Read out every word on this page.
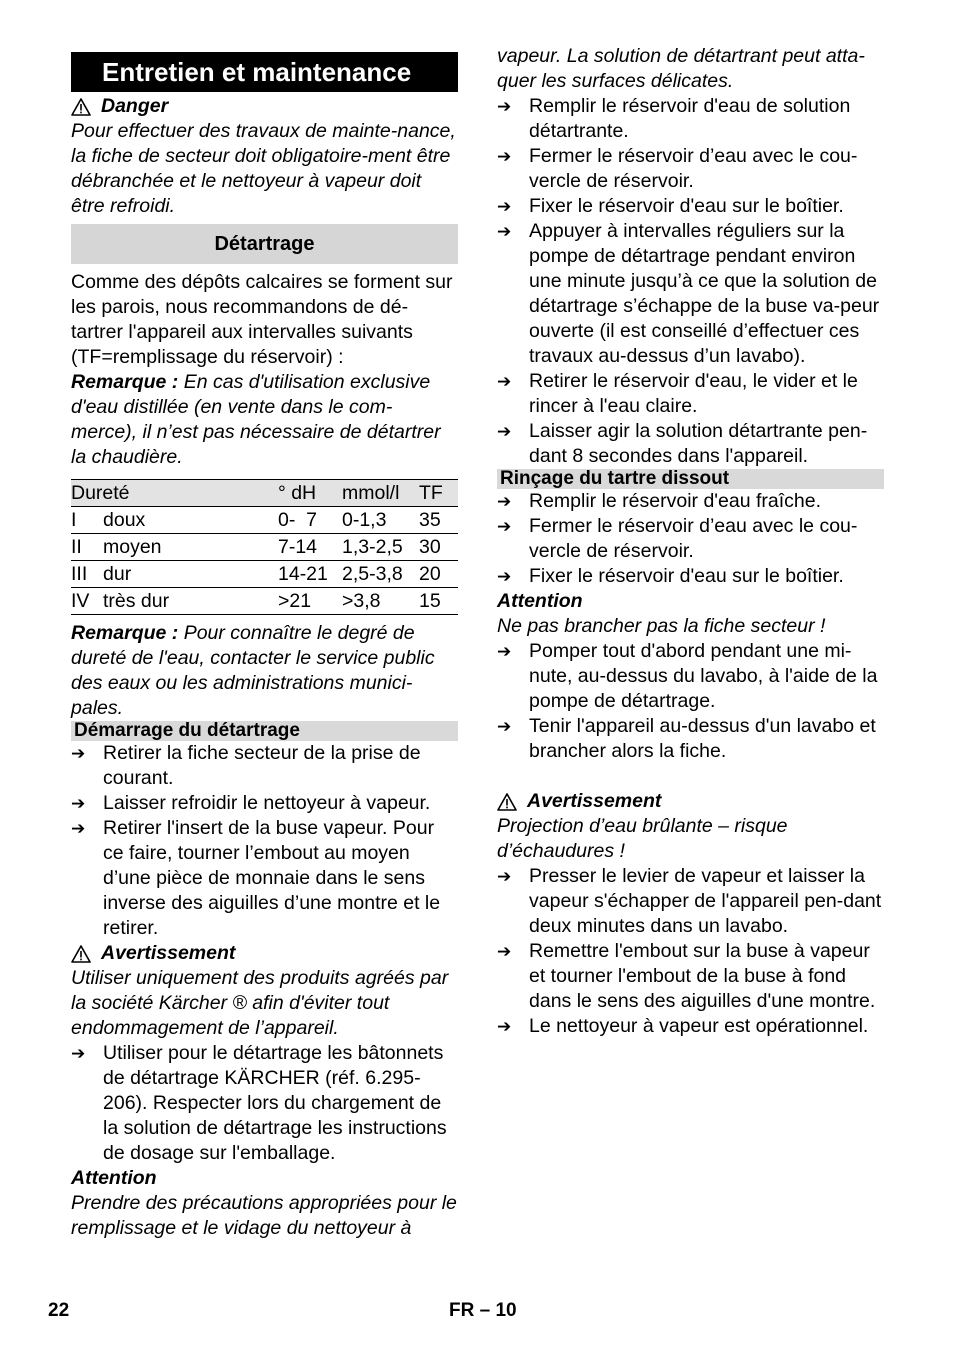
Entretien et maintenance
Danger

Pour effectuer des travaux de mainte-nance, la fiche de secteur doit obligatoire-ment être débranchée et le nettoyeur à vapeur doit être refroidi.

Détartrage

Comme des dépôts calcaires se forment sur les parois, nous recommandons de dé-tartrer l'appareil aux intervalles suivants (TF=remplissage du réservoir) :

Remarque : En cas d'utilisation exclusive d'eau distillée (en vente dans le com-merce), il n’est pas nécessaire de détartrer la chaudière.

Dureté		° dH	mmol/l	TF
I	doux	0-  7	0-1,3	35
II	moyen	7-14	1,3-2,5	30
III	dur	14-21	2,5-3,8	20
IV	très dur	>21	>3,8	15

Remarque : Pour connaître le degré de dureté de l'eau, contacter le service public des eaux ou les administrations munici-pales.

Démarrage du détartrage
➔ Retirer la fiche secteur de la prise de courant.
➔ Laisser refroidir le nettoyeur à vapeur.
➔ Retirer l'insert de la buse vapeur. Pour ce faire, tourner l’embout au moyen d’une pièce de monnaie dans le sens inverse des aiguilles d’une montre et le retirer.
Avertissement

Utiliser uniquement des produits agréés par la société Kärcher ® afin d'éviter tout endommagement de l’appareil.

➔ Utiliser pour le détartrage les bâtonnets de détartrage KÄRCHER (réf. 6.295-206). Respecter lors du chargement de la solution de détartrage les instructions de dosage sur l'emballage.

Attention

Prendre des précautions appropriées pour le remplissage et le vidage du nettoyeur à

vapeur. La solution de détartrant peut atta-quer les surfaces délicates.

➔ Remplir le réservoir d'eau de solution détartrante.
➔ Fermer le réservoir d’eau avec le cou-vercle de réservoir.
➔ Fixer le réservoir d'eau sur le boîtier.
➔ Appuyer à intervalles réguliers sur la pompe de détartrage pendant environ une minute jusqu’à ce que la solution de détartrage s’échappe de la buse va-peur ouverte (il est conseillé d’effectuer ces travaux au-dessus d’un lavabo).
➔ Retirer le réservoir d'eau, le vider et le rincer à l'eau claire.
➔ Laisser agir la solution détartrante pen-dant 8 secondes dans l'appareil.
Rinçage du tartre dissout
➔ Remplir le réservoir d'eau fraîche.
➔ Fermer le réservoir d’eau avec le cou-vercle de réservoir.
➔ Fixer le réservoir d'eau sur le boîtier.

Attention

Ne pas brancher pas la fiche secteur !

➔ Pomper tout d'abord pendant une mi-nute, au-dessus du lavabo, à l'aide de la pompe de détartrage.
➔ Tenir l'appareil au-dessus d'un lavabo et brancher alors la fiche.
Avertissement

Projection d’eau brûlante – risque d’échaudures !

➔ Presser le levier de vapeur et laisser la vapeur s'échapper de l'appareil pen-dant deux minutes dans un lavabo.
➔ Remettre l'embout sur la buse à vapeur et tourner l'embout de la buse à fond dans le sens des aiguilles d'une montre.
➔ Le nettoyeur à vapeur est opérationnel.
22	FR – 10
